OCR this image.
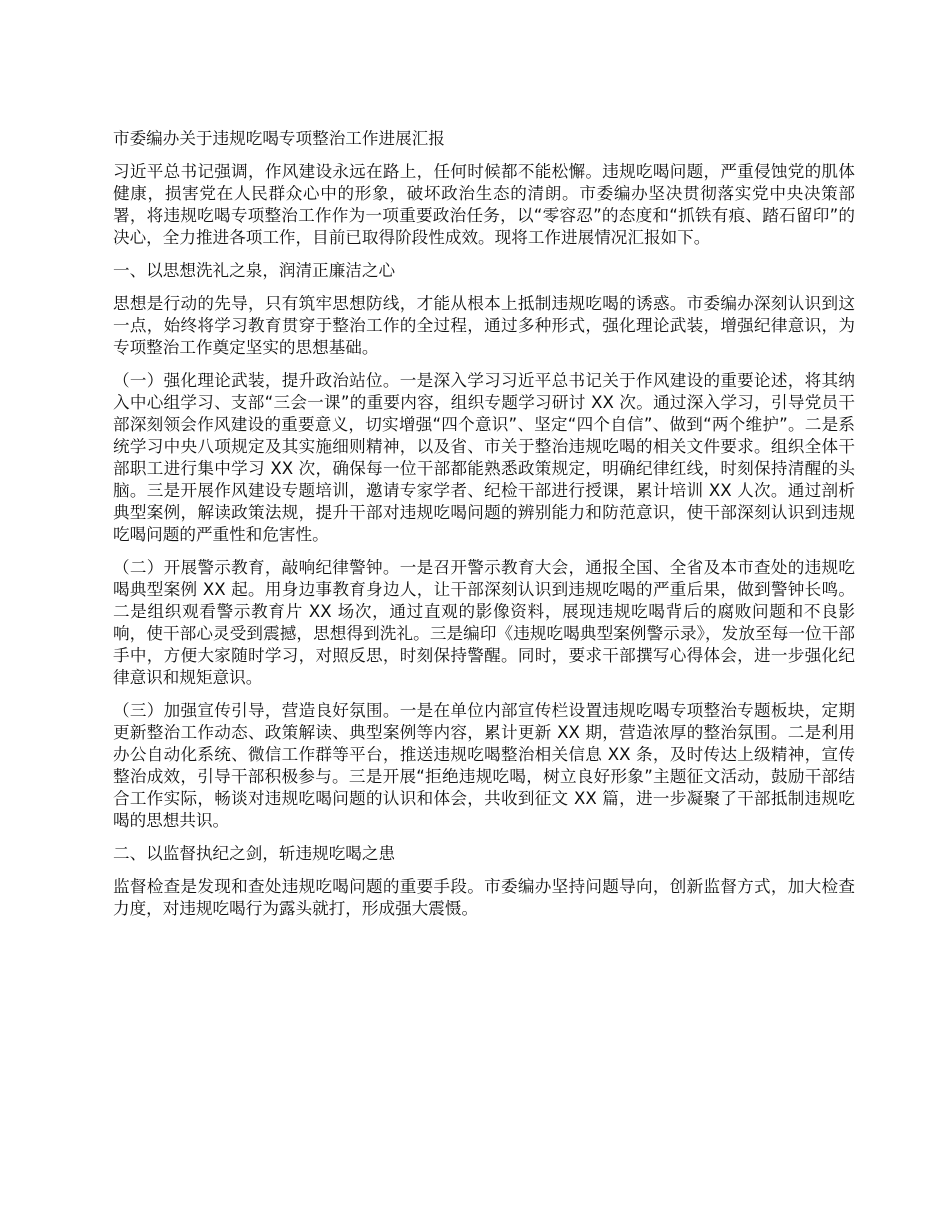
市委编办关于违规吃喝专项整治工作进展汇报

习近平总书记强调，作风建设永远在路上，任何时候都不能松懈。违规吃喝问题，严重侵蚀党的肌体健康，损害党在人民群众心中的形象，破坏政治生态的清朗。市委编办坚决贯彻落实党中央决策部署，将违规吃喝专项整治工作作为一项重要政治任务，以“零容忍”的态度和“抓铁有痕、踏石留印”的决心，全力推进各项工作，目前已取得阶段性成效。现将工作进展情况汇报如下。

一、以思想洗礼之泉，润清正廉洁之心

思想是行动的先导，只有筑牢思想防线，才能从根本上抵制违规吃喝的诱惑。市委编办深刻认识到这一点，始终将学习教育贯穿于整治工作的全过程，通过多种形式，强化理论武装，增强纪律意识，为专项整治工作奠定坚实的思想基础。

（一）强化理论武装，提升政治站位。一是深入学习习近平总书记关于作风建设的重要论述，将其纳入中心组学习、支部“三会一课”的重要内容，组织专题学习研讨 XX 次。通过深入学习，引导党员干部深刻领会作风建设的重要意义，切实增强“四个意识”、坚定“四个自信”、做到“两个维护”。二是系统学习中央八项规定及其实施细则精神，以及省、市关于整治违规吃喝的相关文件要求。组织全体干部职工进行集中学习 XX 次，确保每一位干部都能熟悉政策规定，明确纪律红线，时刻保持清醒的头脑。三是开展作风建设专题培训，邀请专家学者、纪检干部进行授课，累计培训 XX 人次。通过剖析典型案例，解读政策法规，提升干部对违规吃喝问题的辨别能力和防范意识，使干部深刻认识到违规吃喝问题的严重性和危害性。

（二）开展警示教育，敲响纪律警钟。一是召开警示教育大会，通报全国、全省及本市查处的违规吃喝典型案例 XX 起。用身边事教育身边人，让干部深刻认识到违规吃喝的严重后果，做到警钟长鸣。二是组织观看警示教育片 XX 场次，通过直观的影像资料，展现违规吃喝背后的腐败问题和不良影响，使干部心灵受到震撼，思想得到洗礼。三是编印《违规吃喝典型案例警示录》，发放至每一位干部手中，方便大家随时学习，对照反思，时刻保持警醒。同时，要求干部撰写心得体会，进一步强化纪律意识和规矩意识。

（三）加强宣传引导，营造良好氛围。一是在单位内部宣传栏设置违规吃喝专项整治专题板块，定期更新整治工作动态、政策解读、典型案例等内容，累计更新 XX 期，营造浓厚的整治氛围。二是利用办公自动化系统、微信工作群等平台，推送违规吃喝整治相关信息 XX 条，及时传达上级精神，宣传整治成效，引导干部积极参与。三是开展“拒绝违规吃喝，树立良好形象”主题征文活动，鼓励干部结合工作实际，畅谈对违规吃喝问题的认识和体会，共收到征文 XX 篇，进一步凝聚了干部抵制违规吃喝的思想共识。

二、以监督执纪之剑，斩违规吃喝之患

监督检查是发现和查处违规吃喝问题的重要手段。市委编办坚持问题导向，创新监督方式，加大检查力度，对违规吃喝行为露头就打，形成强大震慑。
